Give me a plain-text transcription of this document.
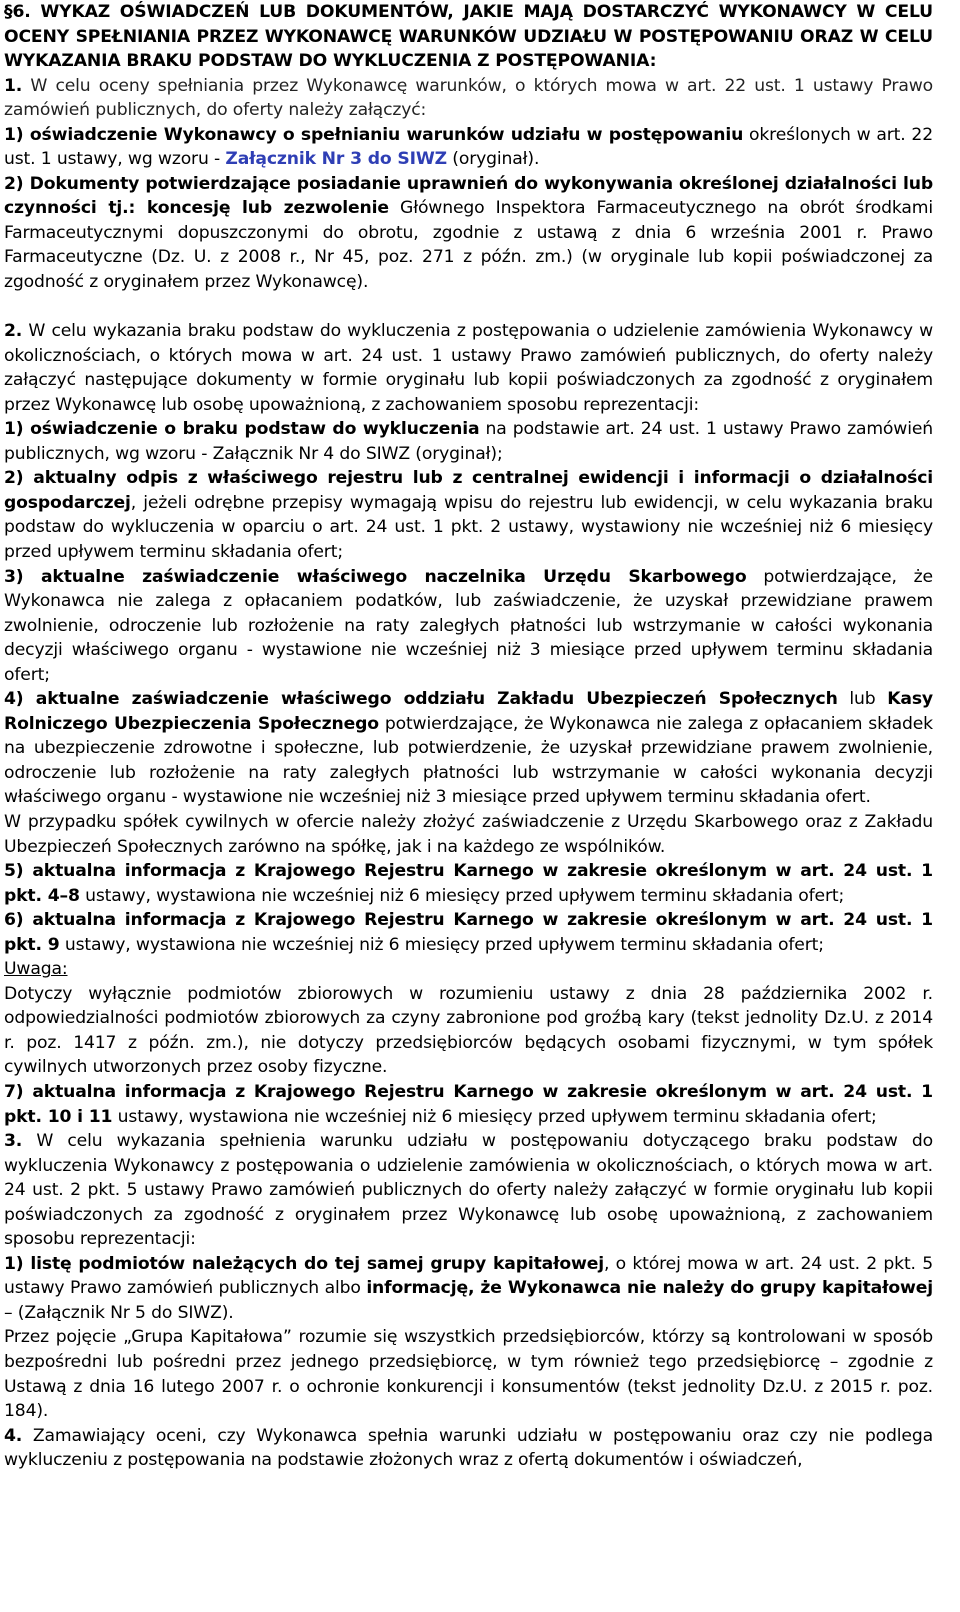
§6. WYKAZ OŚWIADCZEŃ LUB DOKUMENTÓW, JAKIE MAJĄ DOSTARCZYĆ WYKONAWCY W CELU OCENY SPEŁNIANIA PRZEZ WYKONAWCĘ WARUNKÓW UDZIAŁU W POSTĘPOWANIU ORAZ W CELU WYKAZANIA BRAKU PODSTAW DO WYKLUCZENIA Z POSTĘPOWANIA:

1. W celu oceny spełniania przez Wykonawcę warunków, o których mowa w art. 22 ust. 1 ustawy Prawo zamówień publicznych, do oferty należy załączyć:

1) oświadczenie Wykonawcy o spełnianiu warunków udziału w postępowaniu określonych w art. 22 ust. 1 ustawy, wg wzoru - Załącznik Nr 3 do SIWZ (oryginał).

2) Dokumenty potwierdzające posiadanie uprawnień do wykonywania określonej działalności lub czynności tj.: koncesję lub zezwolenie Głównego Inspektora Farmaceutycznego na obrót środkami Farmaceutycznymi dopuszczonymi do obrotu, zgodnie z ustawą z dnia 6 września 2001 r. Prawo Farmaceutyczne (Dz. U. z 2008 r., Nr 45, poz. 271 z późn. zm.) (w oryginale lub kopii poświadczonej za zgodność z oryginałem przez Wykonawcę).

2. W celu wykazania braku podstaw do wykluczenia z postępowania o udzielenie zamówienia Wykonawcy w okolicznościach, o których mowa w art. 24 ust. 1 ustawy Prawo zamówień publicznych, do oferty należy załączyć następujące dokumenty w formie oryginału lub kopii poświadczonych za zgodność z oryginałem przez Wykonawcę lub osobę upoważnioną, z zachowaniem sposobu reprezentacji:

1) oświadczenie o braku podstaw do wykluczenia na podstawie art. 24 ust. 1 ustawy Prawo zamówień publicznych, wg wzoru - Załącznik Nr 4 do SIWZ (oryginał);

2) aktualny odpis z właściwego rejestru lub z centralnej ewidencji i informacji o działalności gospodarczej, jeżeli odrębne przepisy wymagają wpisu do rejestru lub ewidencji, w celu wykazania braku podstaw do wykluczenia w oparciu o art. 24 ust. 1 pkt. 2 ustawy, wystawiony nie wcześniej niż 6 miesięcy przed upływem terminu składania ofert;

3) aktualne zaświadczenie właściwego naczelnika Urzędu Skarbowego potwierdzające, że Wykonawca nie zalega z opłacaniem podatków, lub zaświadczenie, że uzyskał przewidziane prawem zwolnienie, odroczenie lub rozłożenie na raty zaległych płatności lub wstrzymanie w całości wykonania decyzji właściwego organu - wystawione nie wcześniej niż 3 miesiące przed upływem terminu składania ofert;

4) aktualne zaświadczenie właściwego oddziału Zakładu Ubezpieczeń Społecznych lub Kasy Rolniczego Ubezpieczenia Społecznego potwierdzające, że Wykonawca nie zalega z opłacaniem składek na ubezpieczenie zdrowotne i społeczne, lub potwierdzenie, że uzyskał przewidziane prawem zwolnienie, odroczenie lub rozłożenie na raty zaległych płatności lub wstrzymanie w całości wykonania decyzji właściwego organu - wystawione nie wcześniej niż 3 miesiące przed upływem terminu składania ofert.

W przypadku spółek cywilnych w ofercie należy złożyć zaświadczenie z Urzędu Skarbowego oraz z Zakładu Ubezpieczeń Społecznych zarówno na spółkę, jak i na każdego ze wspólników.

5) aktualna informacja z Krajowego Rejestru Karnego w zakresie określonym w art. 24 ust. 1 pkt. 4–8 ustawy, wystawiona nie wcześniej niż 6 miesięcy przed upływem terminu składania ofert;

6) aktualna informacja z Krajowego Rejestru Karnego w zakresie określonym w art. 24 ust. 1 pkt. 9 ustawy, wystawiona nie wcześniej niż 6 miesięcy przed upływem terminu składania ofert;

Uwaga:

Dotyczy wyłącznie podmiotów zbiorowych w rozumieniu ustawy z dnia 28 października 2002 r. odpowiedzialności podmiotów zbiorowych za czyny zabronione pod groźbą kary (tekst jednolity Dz.U. z 2014 r. poz. 1417 z późn. zm.), nie dotyczy przedsiębiorców będących osobami fizycznymi, w tym spółek cywilnych utworzonych przez osoby fizyczne.

7) aktualna informacja z Krajowego Rejestru Karnego w zakresie określonym w art. 24 ust. 1 pkt. 10 i 11 ustawy, wystawiona nie wcześniej niż 6 miesięcy przed upływem terminu składania ofert;

3. W celu wykazania spełnienia warunku udziału w postępowaniu dotyczącego braku podstaw do wykluczenia Wykonawcy z postępowania o udzielenie zamówienia w okolicznościach, o których mowa w art. 24 ust. 2 pkt. 5 ustawy Prawo zamówień publicznych do oferty należy załączyć w formie oryginału lub kopii poświadczonych za zgodność z oryginałem przez Wykonawcę lub osobę upoważnioną, z zachowaniem sposobu reprezentacji:

1) listę podmiotów należących do tej samej grupy kapitałowej, o której mowa w art. 24 ust. 2 pkt. 5 ustawy Prawo zamówień publicznych albo informację, że Wykonawca nie należy do grupy kapitałowej – (Załącznik Nr 5 do SIWZ).

Przez pojęcie „Grupa Kapitałowa” rozumie się wszystkich przedsiębiorców, którzy są kontrolowani w sposób bezpośredni lub pośredni przez jednego przedsiębiorcę, w tym również tego przedsiębiorcę – zgodnie z Ustawą z dnia 16 lutego 2007 r. o ochronie konkurencji i konsumentów (tekst jednolity Dz.U. z 2015 r. poz. 184).

4. Zamawiający oceni, czy Wykonawca spełnia warunki udziału w postępowaniu oraz czy nie podlega wykluczeniu z postępowania na podstawie złożonych wraz z ofertą dokumentów i oświadczeń,
